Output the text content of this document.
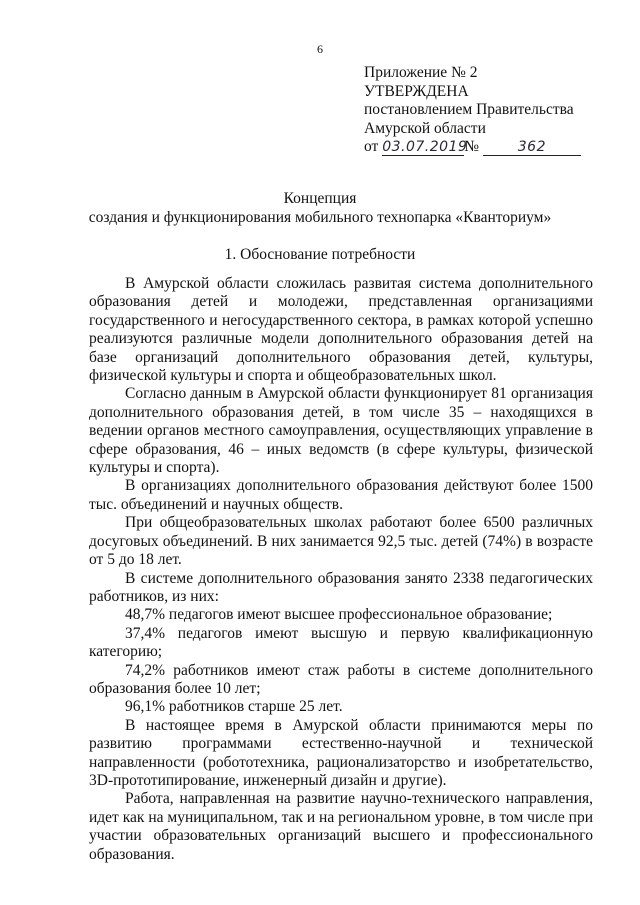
6
Приложение № 2
УТВЕРЖДЕНА
постановлением Правительства
Амурской области
от 03.07.2019№	362
Концепция
создания и функционирования мобильного технопарка «Кванториум»
1. Обоснование потребности

В Амурской области сложилась развитая система дополнительного образования детей и молодежи, представленная организациями государственного и негосударственного сектора, в рамках которой успешно реализуются различные модели дополнительного образования детей на базе организаций дополнительного образования детей, культуры, физической культуры и спорта и общеобразовательных школ.

Согласно данным в Амурской области функционирует 81 организация дополнительного образования детей, в том числе 35 – находящихся в ведении органов местного самоуправления, осуществляющих управление в сфере образования, 46 – иных ведомств (в сфере культуры, физической культуры и спорта).

В организациях дополнительного образования действуют более 1500 тыс. объединений и научных обществ.

При общеобразовательных школах работают более 6500 различных досуговых объединений. В них занимается 92,5 тыс. детей (74%) в возрасте от 5 до 18 лет.

В системе дополнительного образования занято 2338 педагогических работников, из них:

48,7% педагогов имеют высшее профессиональное образование;

37,4% педагогов имеют высшую и первую квалификационную категорию;

74,2% работников имеют стаж работы в системе дополнительного образования более 10 лет;

96,1% работников старше 25 лет.

В настоящее время в Амурской области принимаются меры по развитию программами естественно-научной и технической направленности (робототехника, рационализаторство и изобретательство, 3D-прототипирование, инженерный дизайн и другие).

Работа, направленная на развитие научно-технического направления, идет как на муниципальном, так и на региональном уровне, в том числе при участии образовательных организаций высшего и профессионального образования.
